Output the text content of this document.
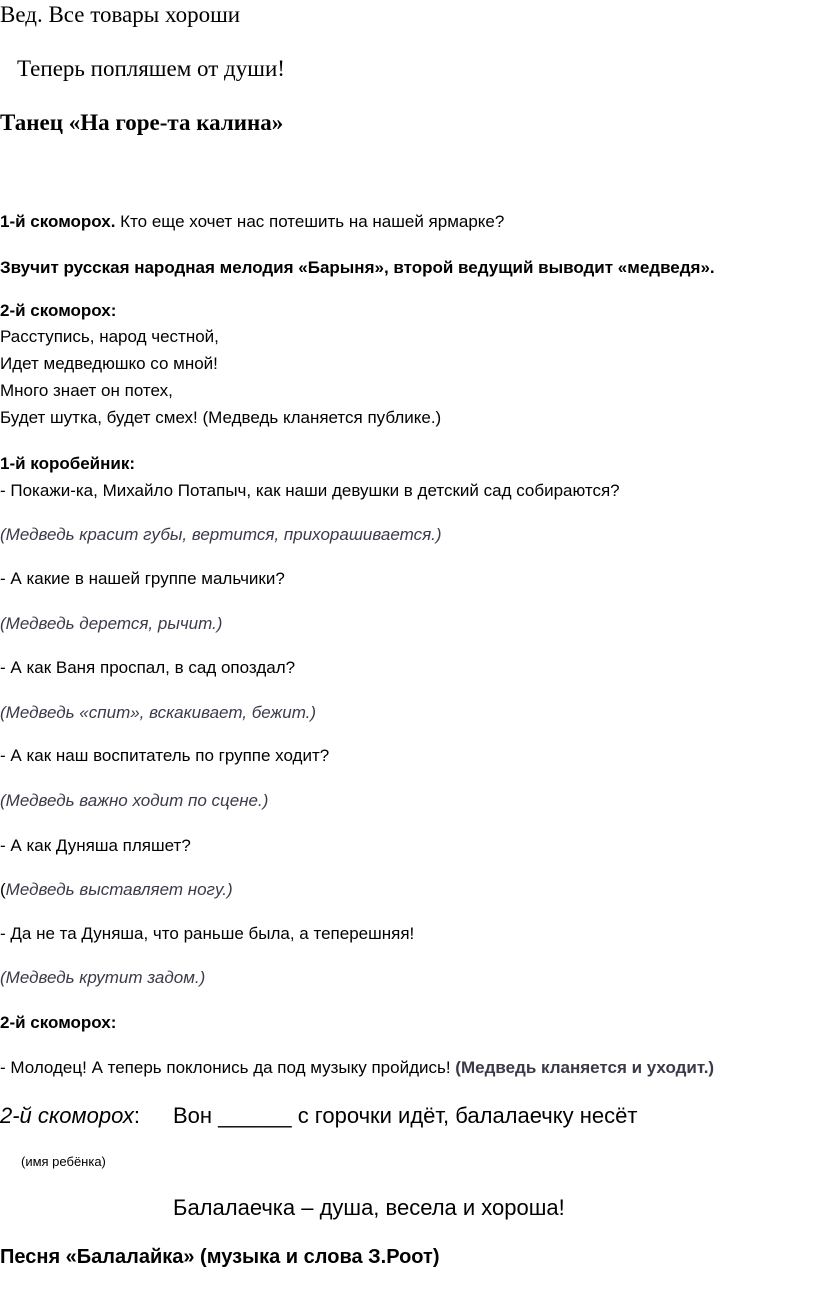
Вед. Все товары хороши

Теперь попляшем от души!

Танец «На горе-та калина»

1-й скоморох. Кто еще хочет нас потешить на нашей ярмарке?

Звучит русская народная мелодия «Барыня», второй ведущий выводит «медведя».

2-й скоморох:

Расступись, народ честной,

Идет медведюшко со мной!

Много знает он потех,

Будет шутка, будет смех! (Медведь кланяется публике.)

1-й коробейник:

- Покажи-ка, Михайло Потапыч, как наши девушки в детский сад собираются?

(Медведь красит губы, вертится, прихорашивается.)

- А какие в нашей группе мальчики?

(Медведь дерется, рычит.)

- А как Ваня проспал, в сад опоздал?

(Медведь «спит», вскакивает, бежит.)

- А как наш воспитатель по группе ходит?

(Медведь важно ходит по сцене.)

- А как Дуняша пляшет?

(Медведь выставляет ногу.)

- Да не та Дуняша, что раньше была, а теперешняя!

(Медведь крутит задом.)

2-й скоморох:

- Молодец! А теперь поклонись да под музыку пройдись! (Медведь кланяется и уходит.)

2-й скоморох: Вон ______ с горочки идёт, балалаечку несёт

(имя ребёнка)

Балалаечка – душа, весела и хороша!

Песня «Балалайка» (музыка и слова З.Роот)
